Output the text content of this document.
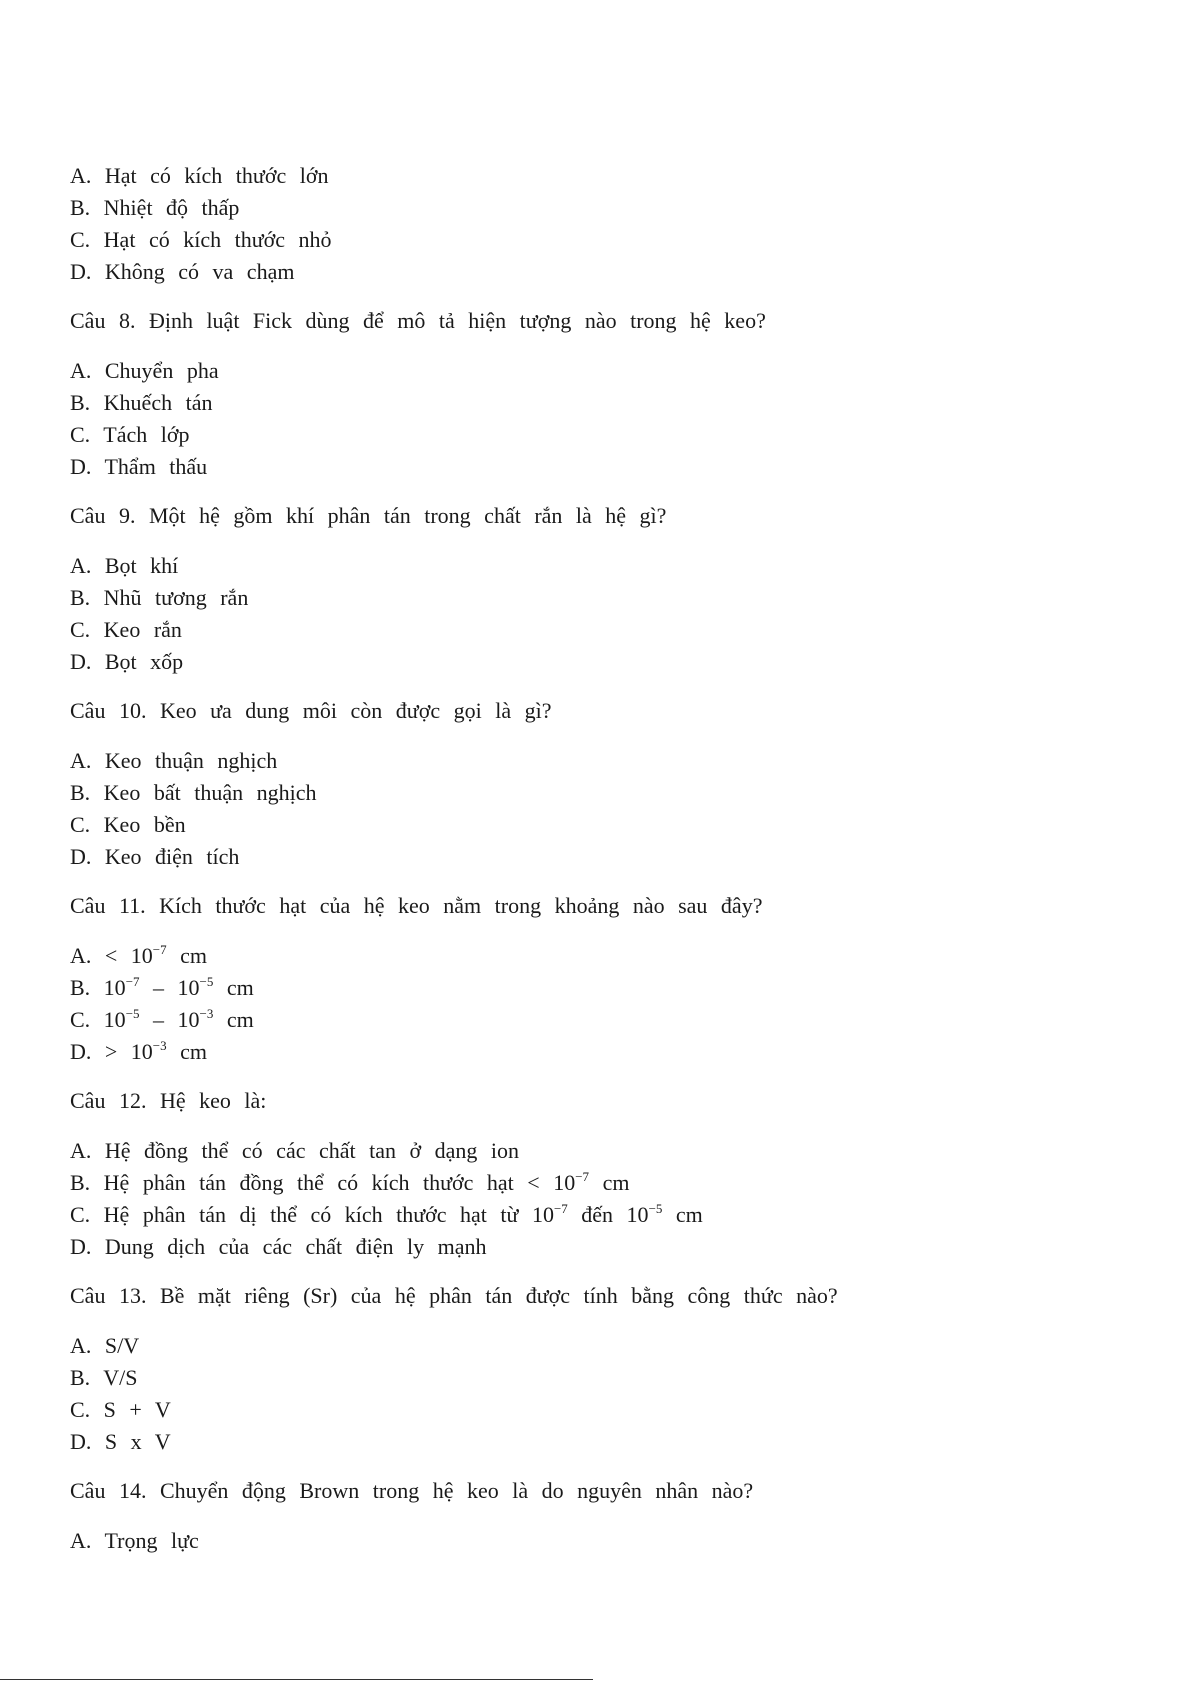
A. Hạt có kích thước lớn
B. Nhiệt độ thấp
C. Hạt có kích thước nhỏ
D. Không có va chạm
Câu 8. Định luật Fick dùng để mô tả hiện tượng nào trong hệ keo?
A. Chuyển pha
B. Khuếch tán
C. Tách lớp
D. Thẩm thấu
Câu 9. Một hệ gồm khí phân tán trong chất rắn là hệ gì?
A. Bọt khí
B. Nhũ tương rắn
C. Keo rắn
D. Bọt xốp
Câu 10. Keo ưa dung môi còn được gọi là gì?
A. Keo thuận nghịch
B. Keo bất thuận nghịch
C. Keo bền
D. Keo điện tích
Câu 11. Kích thước hạt của hệ keo nằm trong khoảng nào sau đây?
A. < $10^{-7}$ cm
B. $10^{-7} - 10^{-5}$ cm
C. $10^{-5} - 10^{-3}$ cm
D. > $10^{-3}$ cm
Câu 12. Hệ keo là:
A. Hệ đồng thể có các chất tan ở dạng ion
B. Hệ phân tán đồng thể có kích thước hạt < $10^{-7}$ cm
C. Hệ phân tán dị thể có kích thước hạt từ $10^{-7}$ đến $10^{-5}$ cm
D. Dung dịch của các chất điện ly mạnh
Câu 13. Bề mặt riêng (Sr) của hệ phân tán được tính bằng công thức nào?
A. S/V
B. V/S
C. S + V
D. S x V
Câu 14. Chuyển động Brown trong hệ keo là do nguyên nhân nào?
A. Trọng lực
